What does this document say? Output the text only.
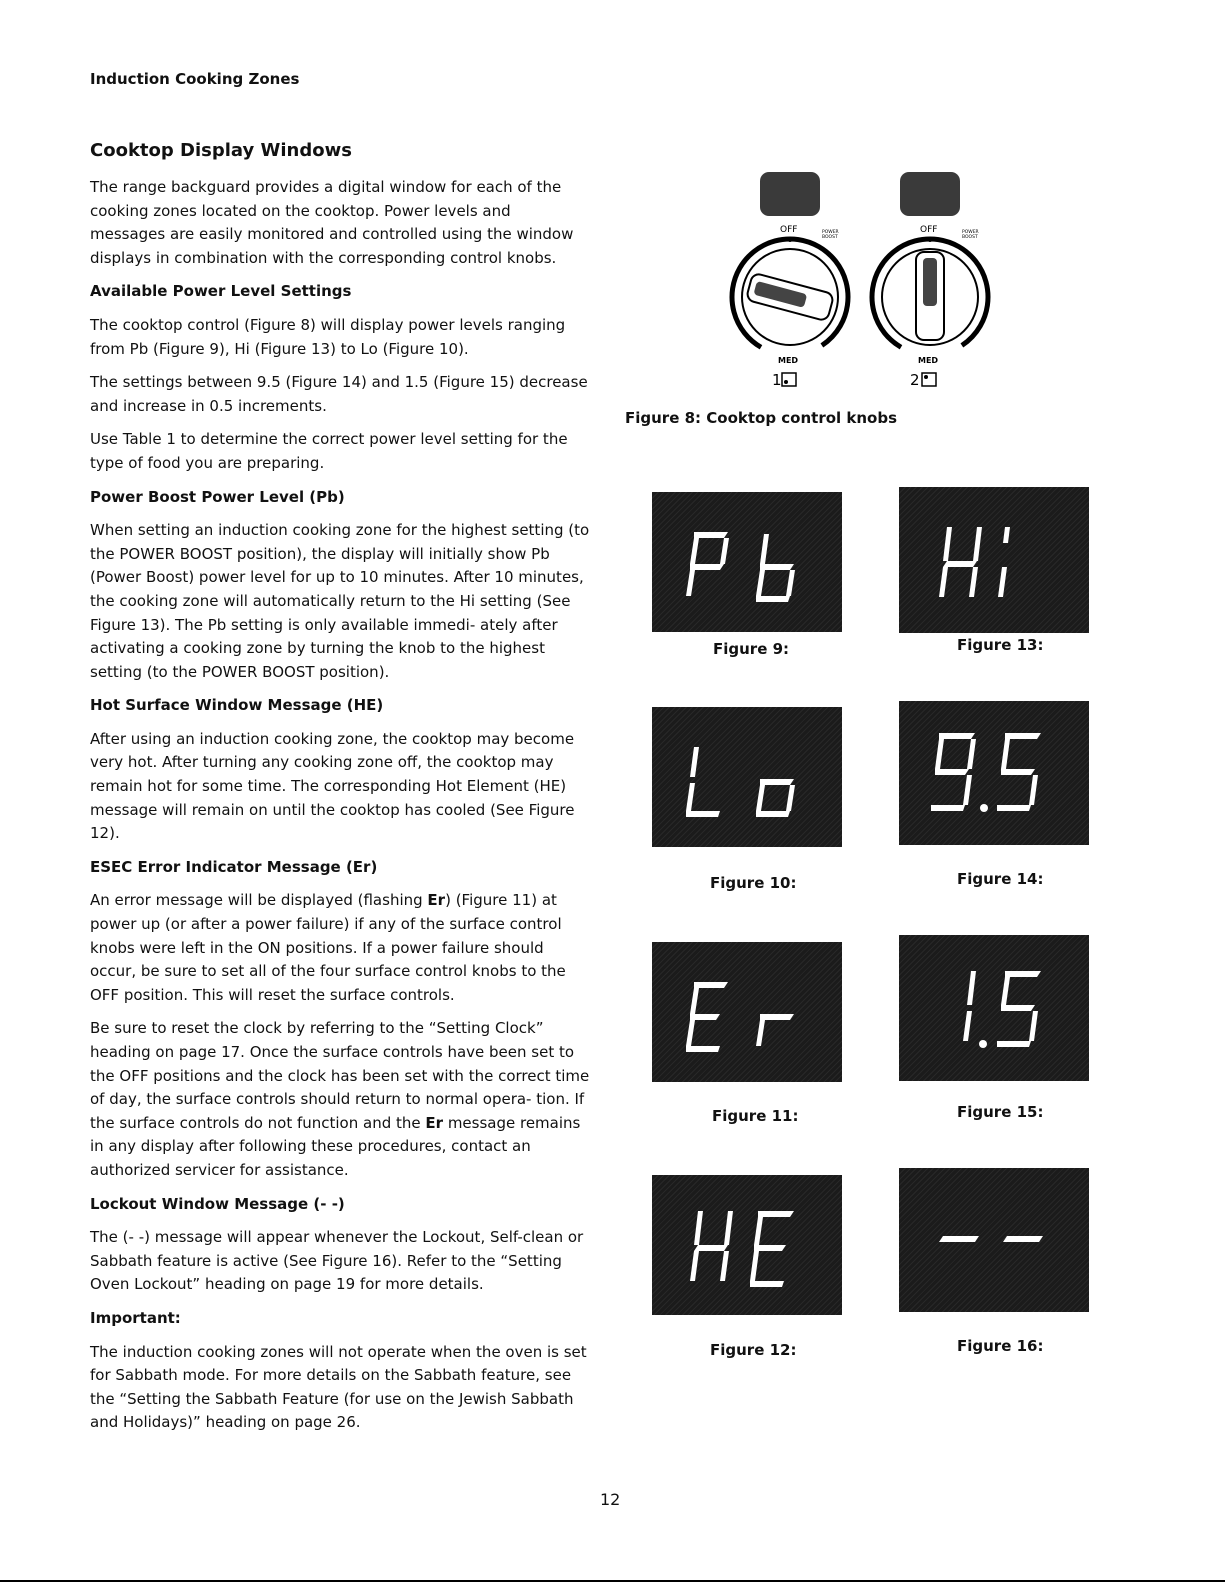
Induction Cooking Zones
Cooktop Display Windows

The range backguard provides a digital window for each of the cooking zones located on the cooktop. Power levels and messages are easily monitored and controlled using the window displays in combination with the corresponding control knobs.

Available Power Level Settings

The cooktop control (Figure 8) will display power levels ranging from Pb (Figure 9), Hi (Figure 13) to Lo (Figure 10).

The settings between 9.5 (Figure 14) and 1.5 (Figure 15) decrease and increase in 0.5 increments.

Use Table 1 to determine the correct power level setting for the type of food you are preparing.

Power Boost Power Level (Pb)

When setting an induction cooking zone for the highest setting (to the POWER BOOST position), the display will initially show Pb (Power Boost) power level for up to 10 minutes. After 10 minutes, the cooking zone will automatically return to the Hi setting (See Figure 13). The Pb setting is only available immedi- ately after activating a cooking zone by turning the knob to the highest setting (to the POWER BOOST position).

Hot Surface Window Message (HE)

After using an induction cooking zone, the cooktop may become very hot. After turning any cooking zone off, the cooktop may remain hot for some time. The corresponding Hot Element (HE) message will remain on until the cooktop has cooled (See Figure 12).

ESEC Error Indicator Message (Er)

An error message will be displayed (flashing Er) (Figure 11) at power up (or after a power failure) if any of the surface control knobs were left in the ON positions. If a power failure should occur, be sure to set all of the four surface control knobs to the OFF position. This will reset the surface controls.

Be sure to reset the clock by referring to the “Setting Clock” heading on page 17. Once the surface controls have been set to the OFF positions and the clock has been set with the correct time of day, the surface controls should return to normal opera- tion. If the surface controls do not function and the Er message remains in any display after following these procedures, contact an authorized servicer for assistance.

Lockout Window Message (- -)

The (- -) message will appear whenever the Lockout, Self-clean or Sabbath feature is active (See Figure 16). Refer to the “Setting Oven Lockout” heading on page 19 for more details.

Important:

The induction cooking zones will not operate when the oven is set for Sabbath mode. For more details on the Sabbath feature, see the “Setting the Sabbath Feature (for use on the Jewish Sabbath and Holidays)” heading on page 26.

OFF	POWER
BOOST
MED
1
OFF	POWER
BOOST
MED
2
Figure 8: Cooktop control knobs
Figure 9:	Figure 13:
Figure 10:	Figure 14:
Figure 11:	Figure 15:
Figure 12:	Figure 16:
12
